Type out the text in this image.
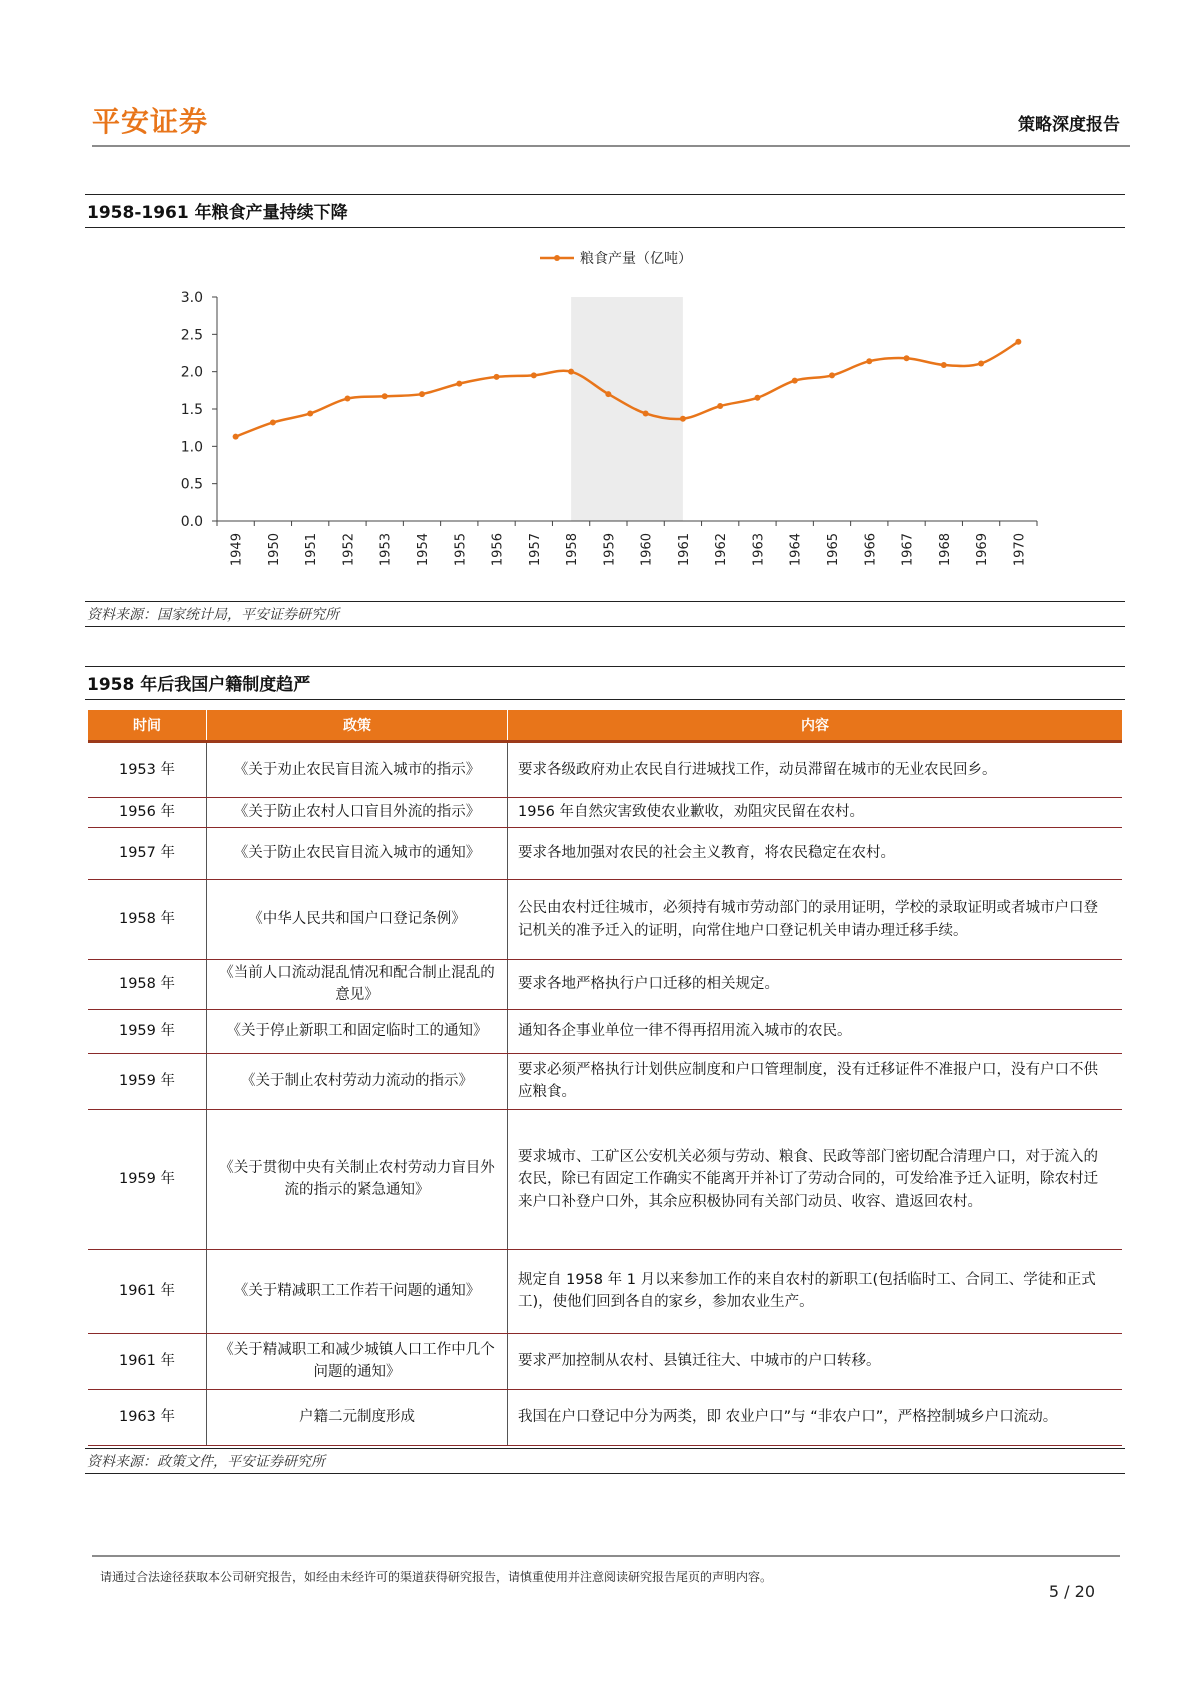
平安证券	策略深度报告
1958-1961 年粮食产量持续下降
0.0
0.5
1.0
1.5
2.0
2.5
3.0
1949 1950 1951 1952 1953 1954 1955 1956 1957 1958 1959 1960 1961 1962 1963 1964 1965 1966 1967 1968 1969 1970
粮食产量（亿吨）
资料来源：国家统计局，平安证券研究所
1958 年后我国户籍制度趋严
时间	政策	内容
1953 年	《关于劝止农民盲目流入城市的指示》	要求各级政府劝止农民自行进城找工作，动员滞留在城市的无业农民回乡。
1956 年	《关于防止农村人口盲目外流的指示》	1956 年自然灾害致使农业歉收，劝阻灾民留在农村。
1957 年	《关于防止农民盲目流入城市的通知》	要求各地加强对农民的社会主义教育，将农民稳定在农村。
1958 年	《中华人民共和国户口登记条例》	公民由农村迁往城市，必须持有城市劳动部门的录用证明，学校的录取证明或者城市户口登记机关的准予迁入的证明，向常住地户口登记机关申请办理迁移手续。
1958 年	《当前人口流动混乱情况和配合制止混乱的意见》	要求各地严格执行户口迁移的相关规定。
1959 年	《关于停止新职工和固定临时工的通知》	通知各企事业单位一律不得再招用流入城市的农民。
1959 年	《关于制止农村劳动力流动的指示》	要求必须严格执行计划供应制度和户口管理制度，没有迁移证件不准报户口，没有户口不供应粮食。
1959 年	《关于贯彻中央有关制止农村劳动力盲目外流的指示的紧急通知》	要求城市、工矿区公安机关必须与劳动、粮食、民政等部门密切配合清理户口，对于流入的农民，除已有固定工作确实不能离开并补订了劳动合同的，可发给准予迁入证明，除农村迁来户口补登户口外，其余应积极协同有关部门动员、收容、遣返回农村。
1961 年	《关于精减职工工作若干问题的通知》	规定自 1958 年 1 月以来参加工作的来自农村的新职工(包括临时工、合同工、学徒和正式工)，使他们回到各自的家乡，参加农业生产。
1961 年	《关于精减职工和减少城镇人口工作中几个问题的通知》	要求严加控制从农村、县镇迁往大、中城市的户口转移。
1963 年	户籍二元制度形成	我国在户口登记中分为两类，即 农业户口”与 “非农户口”，严格控制城乡户口流动。
资料来源：政策文件，平安证券研究所
请通过合法途径获取本公司研究报告，如经由未经许可的渠道获得研究报告，请慎重使用并注意阅读研究报告尾页的声明内容。
5 / 20
